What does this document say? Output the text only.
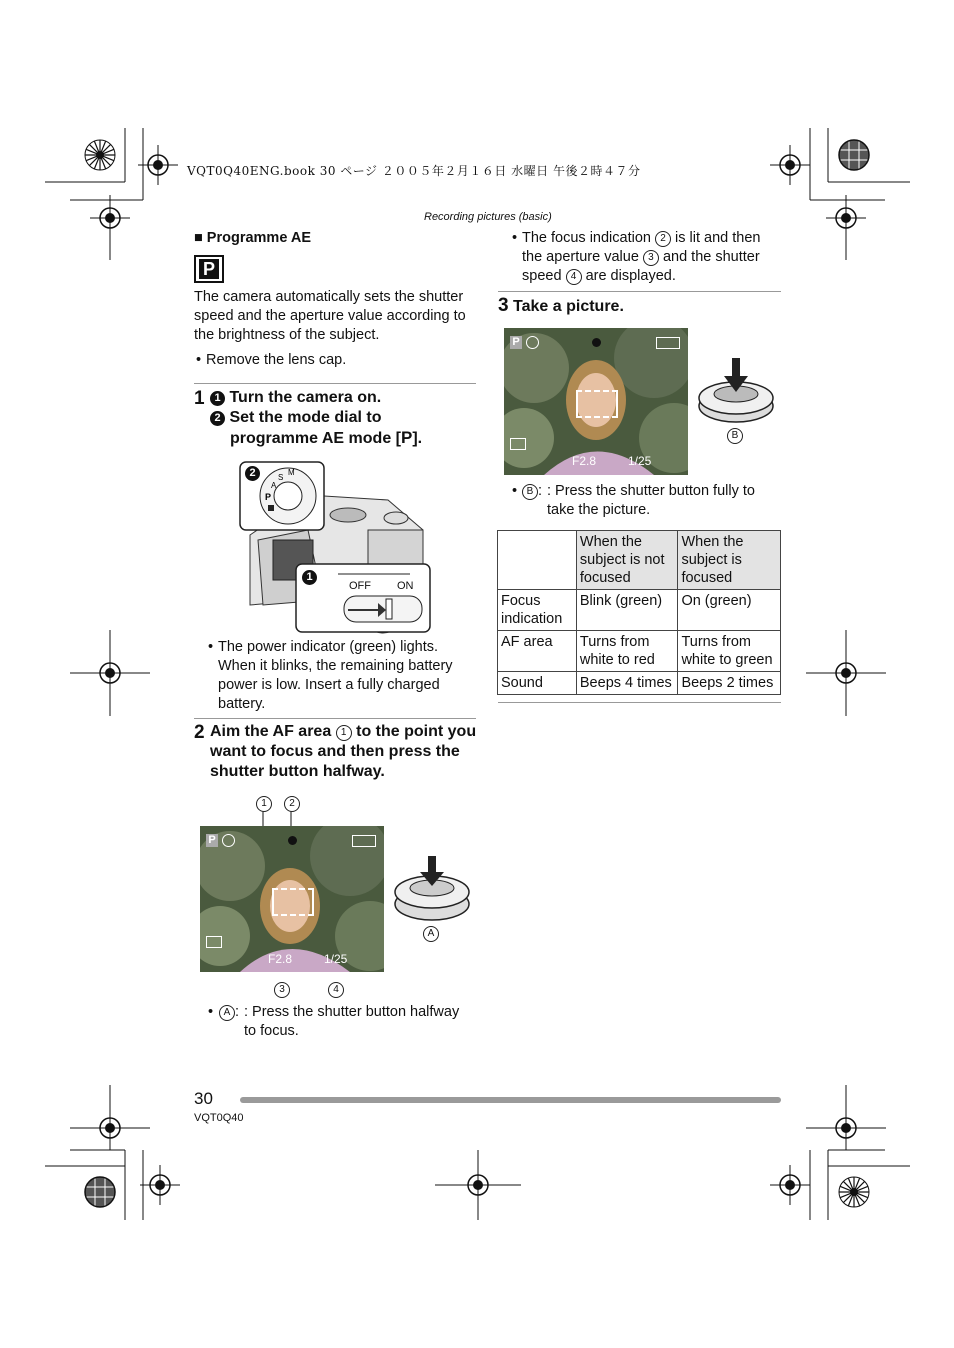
VQT0Q40ENG.book 30 ページ ２００５年２月１６日 水曜日 午後２時４７分
Recording pictures (basic)
■ Programme AE
P
The camera automatically sets the shutter speed and the aperture value according to the brightness of the subject.
• Remove the lens cap.
1 1 Turn the camera on.
2 Set the mode dial to
programme AE mode [P].
P
A
S
M
2
1
OFF ON
• The power indicator (green) lights. When it blinks, the remaining battery power is low. Insert a fully charged battery.
2 Aim the AF area 1 to the point you want to focus and then press the shutter button halfway.
1	2
P
F2.8	1/25
3	4
A
•	A : : Press the shutter button halfway to focus.
• The focus indication 2 is lit and then the aperture value 3 and the shutter speed 4 are displayed.
3 Take a picture.
P
F2.8	1/25
B
• B : : Press the shutter button fully to take the picture.
	When the subject is not focused	When the subject is focused
Focus indication	Blink (green)	On (green)
AF area	Turns from white to red	Turns from white to green
Sound	Beeps 4 times	Beeps 2 times
30
VQT0Q40
